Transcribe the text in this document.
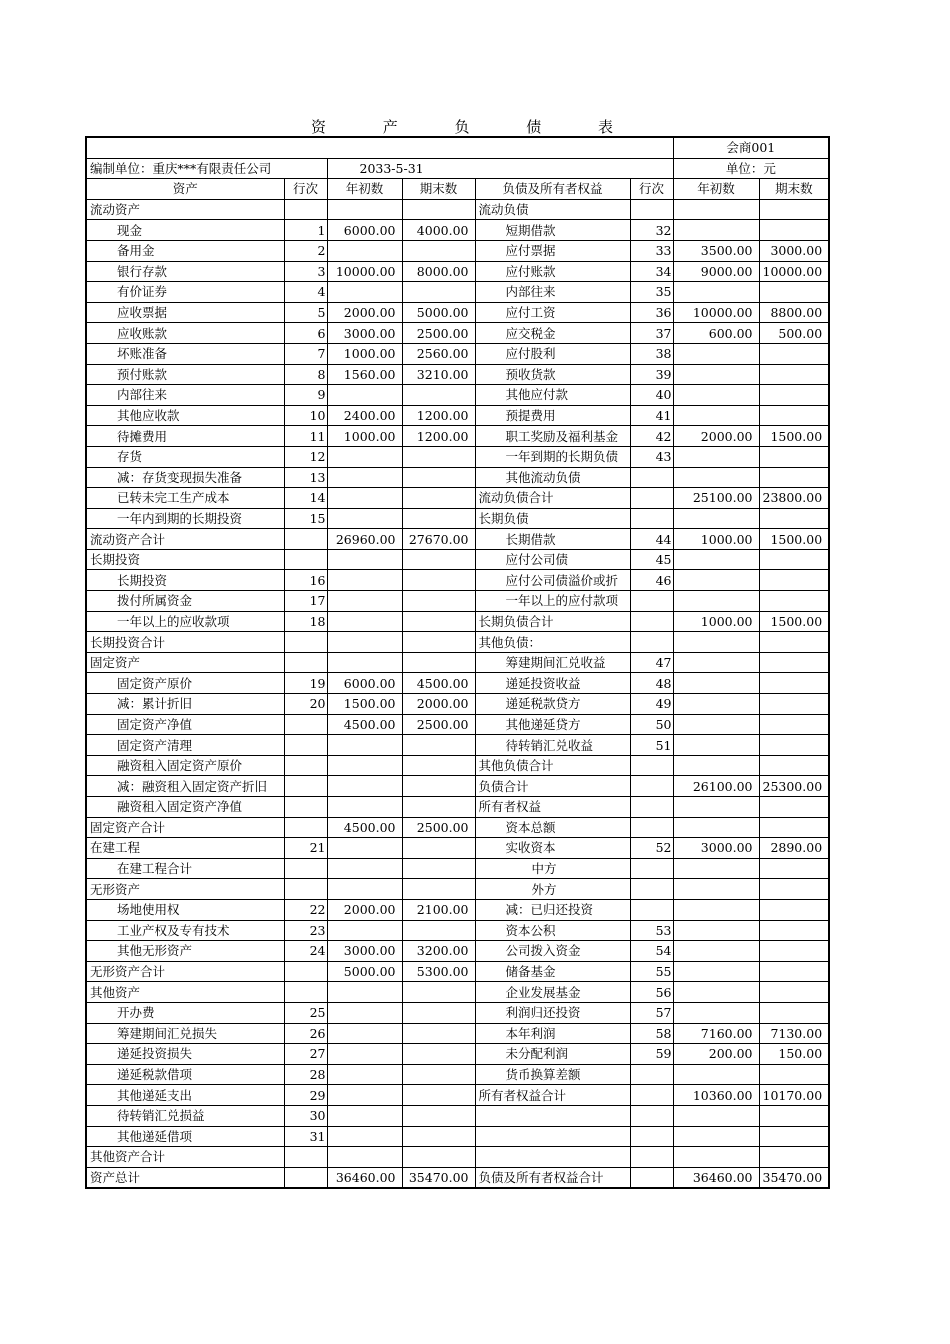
资 产 负 债 表
						会商001	
编制单位：重庆***有限责任公司		2033-5-31				单位：元	
资产	行次	年初数	期末数	负债及所有者权益	行次	年初数	期末数
流动资产				流动负债			
现金	1	6000.00	4000.00	短期借款	32		
备用金	2			应付票据	33	3500.00	3000.00
银行存款	3	10000.00	8000.00	应付账款	34	9000.00	10000.00
有价证券	4			内部往来	35		
应收票据	5	2000.00	5000.00	应付工资	36	10000.00	8800.00
应收账款	6	3000.00	2500.00	应交税金	37	600.00	500.00
坏账准备	7	1000.00	2560.00	应付股利	38		
预付账款	8	1560.00	3210.00	预收货款	39		
内部往来	9			其他应付款	40		
其他应收款	10	2400.00	1200.00	预提费用	41		
待摊费用	11	1000.00	1200.00	职工奖励及福利基金	42	2000.00	1500.00
存货	12			一年到期的长期负债	43		
减：存货变现损失准备	13			其他流动负债			
已转未完工生产成本	14			流动负债合计		25100.00	23800.00
一年内到期的长期投资	15			长期负债			
流动资产合计		26960.00	27670.00	长期借款	44	1000.00	1500.00
长期投资				应付公司债	45		
长期投资	16			应付公司债溢价或折	46		
拨付所属资金	17			一年以上的应付款项			
一年以上的应收款项	18			长期负债合计		1000.00	1500.00
长期投资合计				其他负债：			
固定资产				筹建期间汇兑收益	47		
固定资产原价	19	6000.00	4500.00	递延投资收益	48		
减：累计折旧	20	1500.00	2000.00	递延税款贷方	49		
固定资产净值		4500.00	2500.00	其他递延贷方	50		
固定资产清理				待转销汇兑收益	51		
融资租入固定资产原价				其他负债合计			
减：融资租入固定资产折旧				负债合计		26100.00	25300.00
融资租入固定资产净值				所有者权益			
固定资产合计		4500.00	2500.00	资本总额			
在建工程	21			实收资本	52	3000.00	2890.00
在建工程合计				中方			
无形资产				外方			
场地使用权	22	2000.00	2100.00	减：已归还投资			
工业产权及专有技术	23			资本公积	53		
其他无形资产	24	3000.00	3200.00	公司拨入资金	54		
无形资产合计		5000.00	5300.00	储备基金	55		
其他资产				企业发展基金	56		
开办费	25			利润归还投资	57		
筹建期间汇兑损失	26			本年利润	58	7160.00	7130.00
递延投资损失	27			未分配利润	59	200.00	150.00
递延税款借项	28			货币换算差额			
其他递延支出	29			所有者权益合计		10360.00	10170.00
待转销汇兑损益	30						
其他递延借项	31						
其他资产合计							
资产总计		36460.00	35470.00	负债及所有者权益合计		36460.00	35470.00
